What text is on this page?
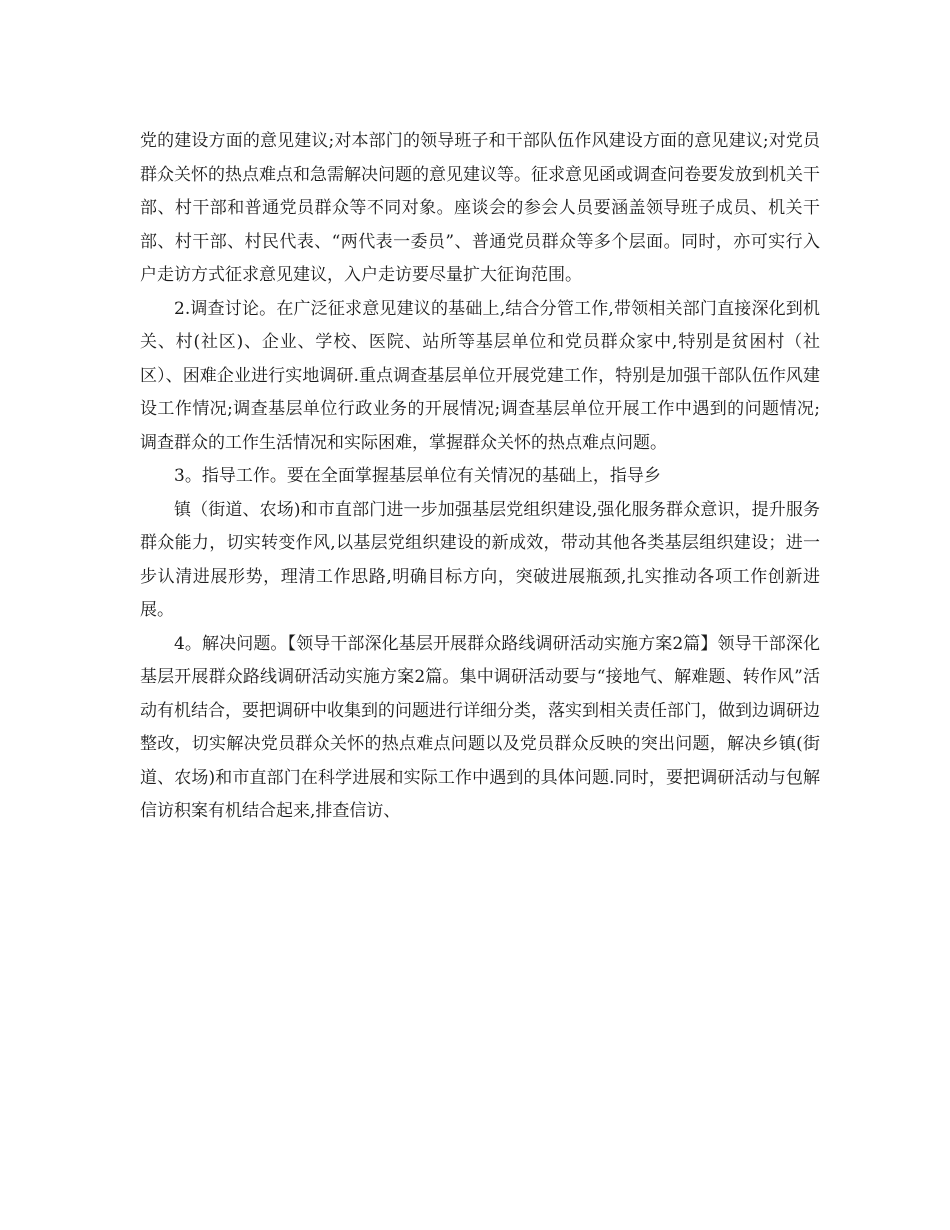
党的建设方面的意见建议;对本部门的领导班子和干部队伍作风建设方面的意见建议;对党员群众关怀的热点难点和急需解决问题的意见建议等。征求意见函或调查问卷要发放到机关干部、村干部和普通党员群众等不同对象。座谈会的参会人员要涵盖领导班子成员、机关干部、村干部、村民代表、“两代表一委员”、普通党员群众等多个层面。同时，亦可实行入户走访方式征求意见建议，入户走访要尽量扩大征询范围。

2.调查讨论。在广泛征求意见建议的基础上,结合分管工作,带领相关部门直接深化到机关、村(社区)、企业、学校、医院、站所等基层单位和党员群众家中,特别是贫困村（社区）、困难企业进行实地调研.重点调查基层单位开展党建工作，特别是加强干部队伍作风建设工作情况;调查基层单位行政业务的开展情况;调查基层单位开展工作中遇到的问题情况;调查群众的工作生活情况和实际困难，掌握群众关怀的热点难点问题。

3。指导工作。要在全面掌握基层单位有关情况的基础上，指导乡

镇（街道、农场)和市直部门进一步加强基层党组织建设,强化服务群众意识，提升服务群众能力，切实转变作风,以基层党组织建设的新成效，带动其他各类基层组织建设；进一步认清进展形势，理清工作思路,明确目标方向，突破进展瓶颈,扎实推动各项工作创新进展。

4。解决问题。【领导干部深化基层开展群众路线调研活动实施方案2篇】领导干部深化基层开展群众路线调研活动实施方案2篇。集中调研活动要与“接地气、解难题、转作风”活动有机结合，要把调研中收集到的问题进行详细分类，落实到相关责任部门，做到边调研边整改，切实解决党员群众关怀的热点难点问题以及党员群众反映的突出问题，解决乡镇(街道、农场)和市直部门在科学进展和实际工作中遇到的具体问题.同时，要把调研活动与包解信访积案有机结合起来,排查信访、
